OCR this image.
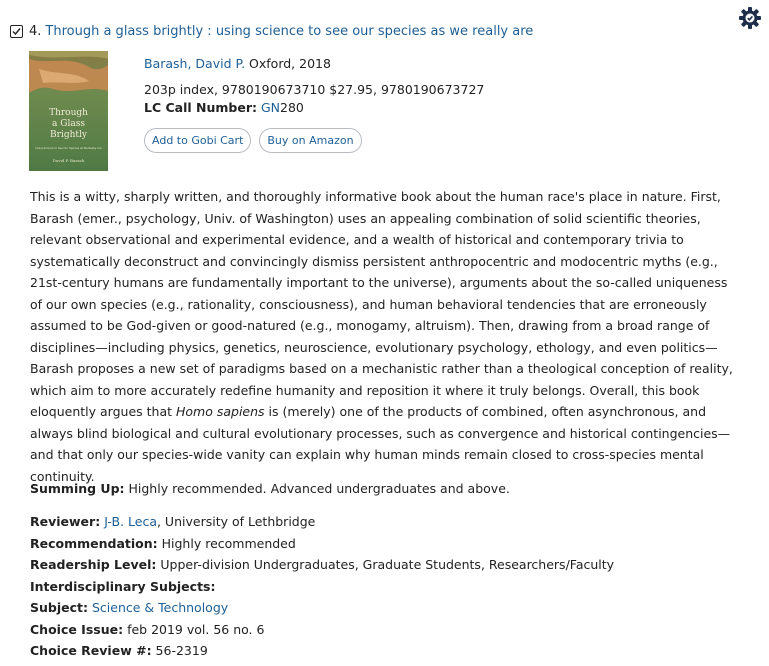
4. Through a glass brightly : using science to see our species as we really are
Through
a Glass
Brightly
Using Science to See Our Species as We Really Are
David P. Barash
Barash, David P. Oxford, 2018
203p index, 9780190673710 $27.95, 9780190673727
LC Call Number: GN280
Add to Gobi Cart	Buy on Amazon
This is a witty, sharply written, and thoroughly informative book about the human race's place in nature. First, Barash (emer., psychology, Univ. of Washington) uses an appealing combination of solid scientific theories, relevant observational and experimental evidence, and a wealth of historical and contemporary trivia to systematically deconstruct and convincingly dismiss persistent anthropocentric and modocentric myths (e.g., 21st-century humans are fundamentally important to the universe), arguments about the so-called uniqueness of our own species (e.g., rationality, consciousness), and human behavioral tendencies that are erroneously assumed to be God-given or good-natured (e.g., monogamy, altruism). Then, drawing from a broad range of disciplines—including physics, genetics, neuroscience, evolutionary psychology, ethology, and even politics—Barash proposes a new set of paradigms based on a mechanistic rather than a theological conception of reality, which aim to more accurately redefine humanity and reposition it where it truly belongs. Overall, this book eloquently argues that Homo sapiens is (merely) one of the products of combined, often asynchronous, and always blind biological and cultural evolutionary processes, such as convergence and historical contingencies—and that only our species-wide vanity can explain why human minds remain closed to cross-species mental continuity.
Summing Up: Highly recommended. Advanced undergraduates and above.
Reviewer: J-B. Leca, University of Lethbridge
Recommendation: Highly recommended
Readership Level: Upper-division Undergraduates, Graduate Students, Researchers/Faculty
Interdisciplinary Subjects:
Subject: Science & Technology
Choice Issue: feb 2019 vol. 56 no. 6
Choice Review #: 56-2319
